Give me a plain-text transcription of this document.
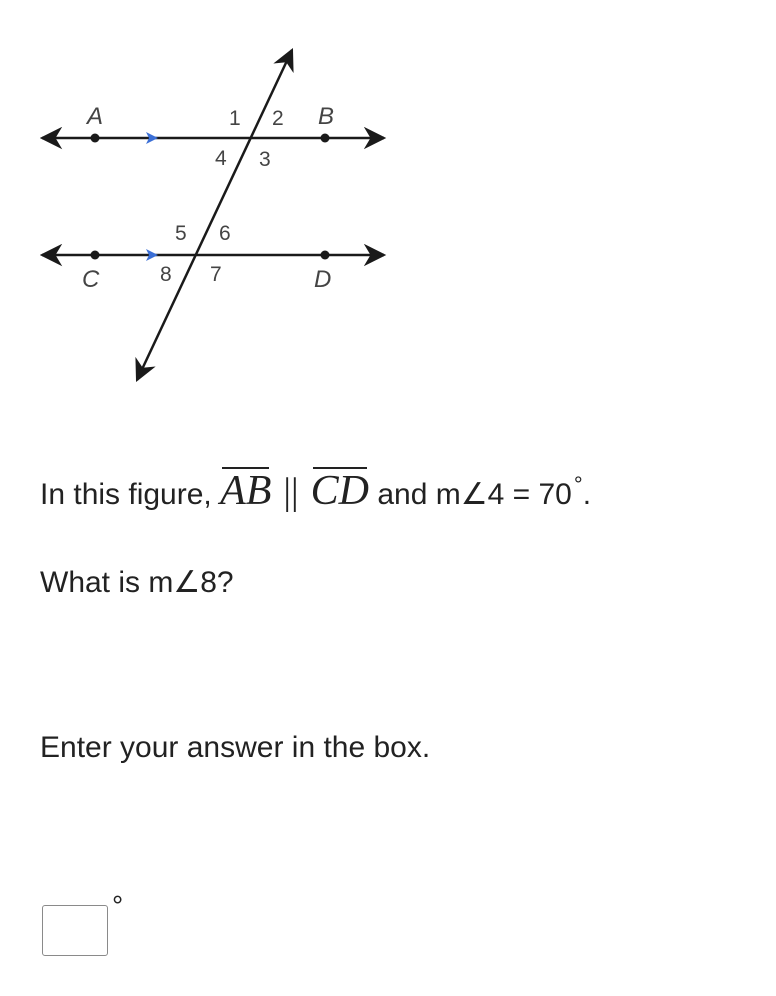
A	B
C	D
1 2
3
4
5 6
7
8

In this figure, AB || CD and m∠4 = 70°.

What is m∠8?

Enter your answer in the box.

°
